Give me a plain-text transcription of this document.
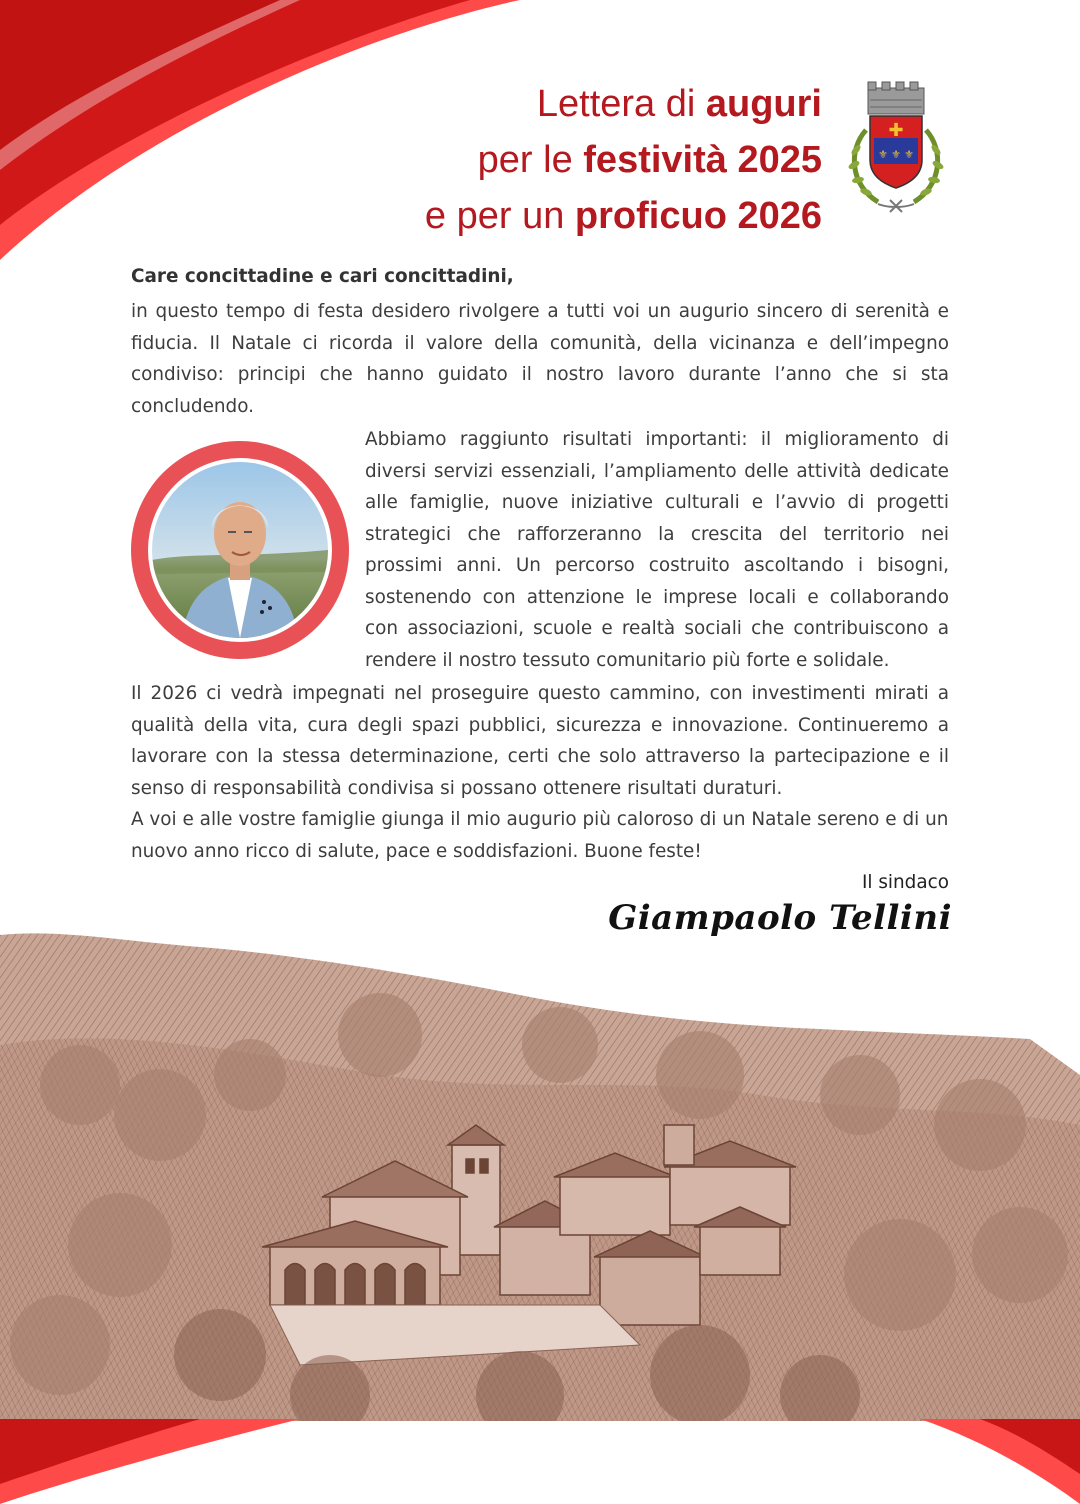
Lettera di auguri
per le festività 2025
e per un proficuo 2026
✚
⚜ ⚜ ⚜
Care concittadine e cari concittadini,

in questo tempo di festa desidero rivolgere a tutti voi un augurio sincero di serenità e fiducia. Il Natale ci ricorda il valore della comunità, della vicinanza e dell’impegno condiviso: principi che hanno guidato il nostro lavoro durante l’anno che si sta concludendo.

Abbiamo raggiunto risultati importanti: il miglioramento di diversi servizi essenziali, l’ampliamento delle attività dedicate alle famiglie, nuove iniziative culturali e l’avvio di progetti strategici che rafforzeranno la crescita del territorio nei prossimi anni. Un percorso costruito ascoltando i bisogni, sostenendo con attenzione le imprese locali e collaborando con associazioni, scuole e realtà sociali che contribuiscono a rendere il nostro tessuto comunitario più forte e solidale.

Il 2026 ci vedrà impegnati nel proseguire questo cammino, con investimenti mirati a qualità della vita, cura degli spazi pubblici, sicurezza e innovazione. Continueremo a lavorare con la stessa determinazione, certi che solo attraverso la partecipazione e il senso di responsabilità condivisa si possano ottenere risultati duraturi.

A voi e alle vostre famiglie giunga il mio augurio più caloroso di un Natale sereno e di un nuovo anno ricco di salute, pace e soddisfazioni. Buone feste!

Il sindaco
Giampaolo Tellini
